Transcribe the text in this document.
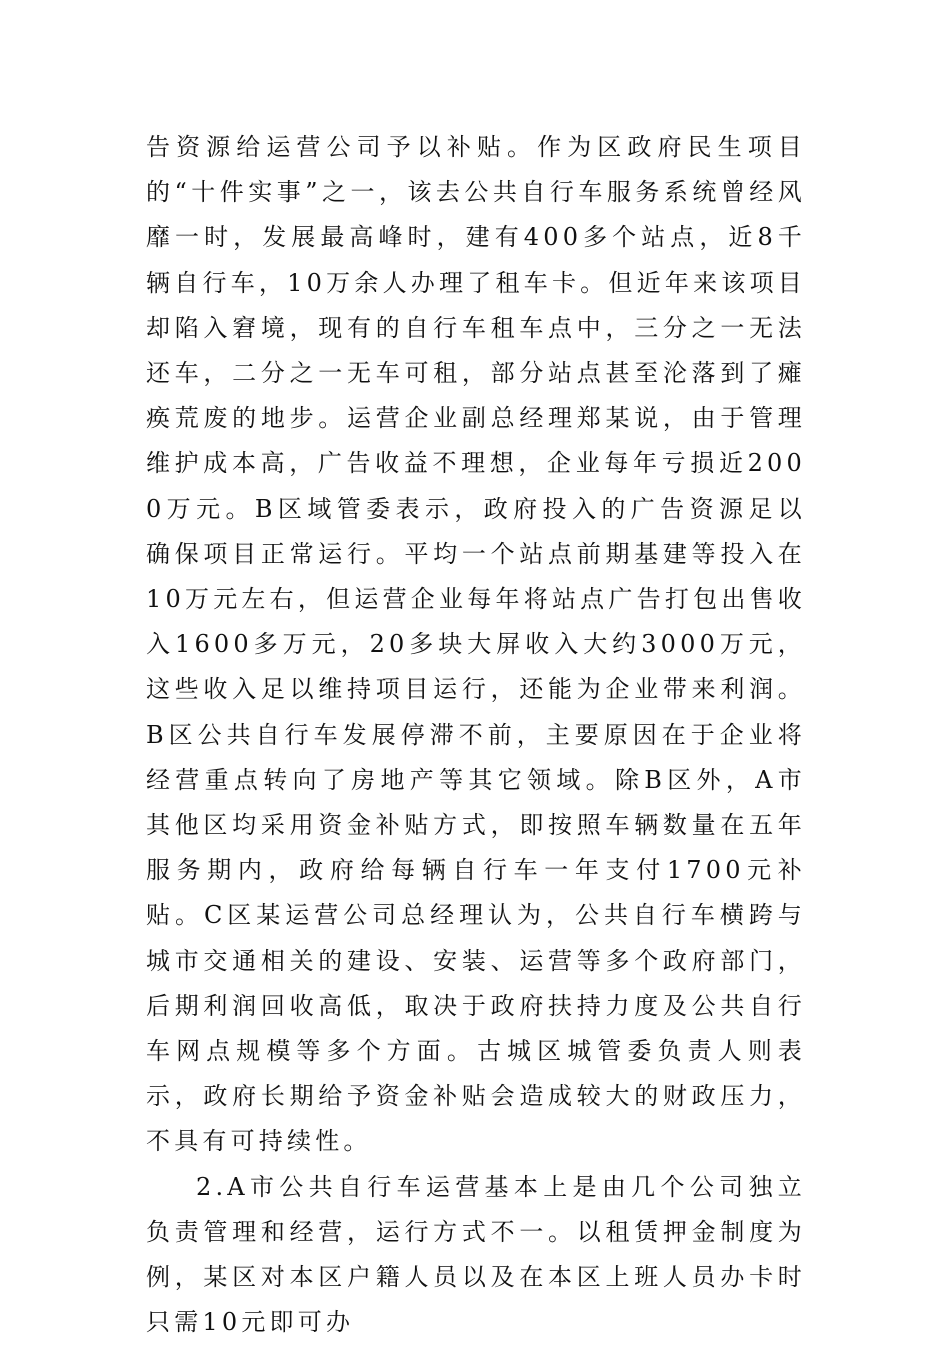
告资源给运营公司予以补贴。作为区政府民生项目的“十件实事”之一，该去公共自行车服务系统曾经风靡一时，发展最高峰时，建有400多个站点，近8千辆自行车，10万余人办理了租车卡。但近年来该项目却陷入窘境，现有的自行车租车点中，三分之一无法还车，二分之一无车可租，部分站点甚至沦落到了瘫痪荒废的地步。运营企业副总经理郑某说，由于管理维护成本高，广告收益不理想，企业每年亏损近2000万元。B区域管委表示，政府投入的广告资源足以确保项目正常运行。平均一个站点前期基建等投入在10万元左右，但运营企业每年将站点广告打包出售收入1600多万元，20多块大屏收入大约3000万元，这些收入足以维持项目运行，还能为企业带来利润。B区公共自行车发展停滞不前，主要原因在于企业将经营重点转向了房地产等其它领域。除B区外，A市其他区均采用资金补贴方式，即按照车辆数量在五年服务期内，政府给每辆自行车一年支付1700元补贴。C区某运营公司总经理认为，公共自行车横跨与城市交通相关的建设、安装、运营等多个政府部门，后期利润回收高低，取决于政府扶持力度及公共自行车网点规模等多个方面。古城区城管委负责人则表示，政府长期给予资金补贴会造成较大的财政压力，不具有可持续性。

2.A市公共自行车运营基本上是由几个公司独立负责管理和经营，运行方式不一。以租赁押金制度为例，某区对本区户籍人员以及在本区上班人员办卡时只需10元即可办
